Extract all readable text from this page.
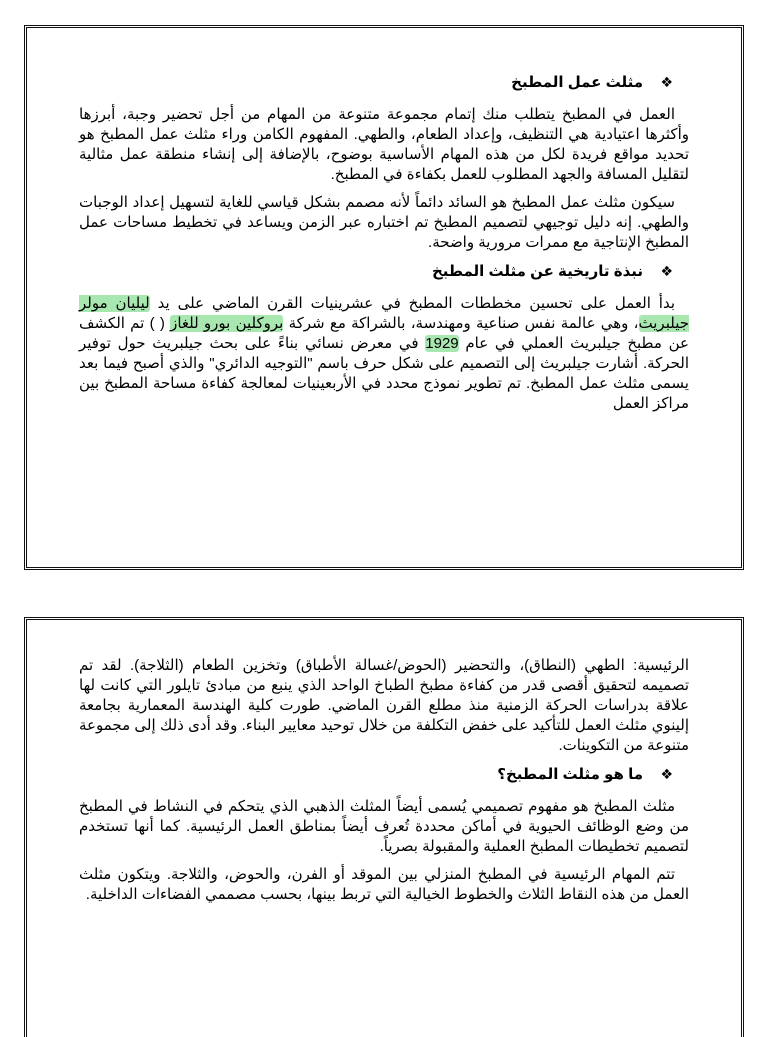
❖مثلث عمل المطبخ

العمل في المطبخ يتطلب منك إتمام مجموعة متنوعة من المهام من أجل تحضير وجبة، أبرزها وأكثرها اعتيادية هي التنظيف، وإعداد الطعام، والطهي. المفهوم الكامن وراء مثلث عمل المطبخ هو تحديد مواقع فريدة لكل من هذه المهام الأساسية بوضوح، بالإضافة إلى إنشاء منطقة عمل مثالية لتقليل المسافة والجهد المطلوب للعمل بكفاءة في المطبخ.

سيكون مثلث عمل المطبخ هو السائد دائماً لأنه مصمم بشكل قياسي للغاية لتسهيل إعداد الوجبات والطهي. إنه دليل توجيهي لتصميم المطبخ تم اختباره عبر الزمن ويساعد في تخطيط مساحات عمل المطبخ الإنتاجية مع ممرات مرورية واضحة.

❖نبذة تاريخية عن مثلث المطبخ

بدأ العمل على تحسين مخططات المطبخ في عشرينيات القرن الماضي على يد ليليان مولر جيلبريث، وهي عالمة نفس صناعية ومهندسة، بالشراكة مع شركة بروكلين بورو للغاز ( ) تم الكشف عن مطبخ جيلبريث العملي في عام 1929 في معرض نسائي بناءً على بحث جيلبريث حول توفير الحركة. أشارت جيلبريث إلى التصميم على شكل حرف باسم "التوجيه الدائري" والذي أصبح فيما بعد يسمى مثلث عمل المطبخ. تم تطوير نموذج محدد في الأربعينيات لمعالجة كفاءة مساحة المطبخ بين مراكز العمل

الرئيسية: الطهي (النطاق)، والتحضير (الحوض/غسالة الأطباق) وتخزين الطعام (الثلاجة). لقد تم تصميمه لتحقيق أقصى قدر من كفاءة مطبخ الطباخ الواحد الذي ينبع من مبادئ تايلور التي كانت لها علاقة بدراسات الحركة الزمنية منذ مطلع القرن الماضي. طورت كلية الهندسة المعمارية بجامعة إلينوي مثلث العمل للتأكيد على خفض التكلفة من خلال توحيد معايير البناء. وقد أدى ذلك إلى مجموعة متنوعة من التكوينات.

❖ما هو مثلث المطبخ؟

مثلث المطبخ هو مفهوم تصميمي يُسمى أيضاً المثلث الذهبي الذي يتحكم في النشاط في المطبخ من وضع الوظائف الحيوية في أماكن محددة تُعرف أيضاً بمناطق العمل الرئيسية. كما أنها تستخدم لتصميم تخطيطات المطبخ العملية والمقبولة بصرياً.

تتم المهام الرئيسية في المطبخ المنزلي بين الموقد أو الفرن، والحوض، والثلاجة. ويتكون مثلث العمل من هذه النقاط الثلاث والخطوط الخيالية التي تربط بينها، بحسب مصممي الفضاءات الداخلية.
